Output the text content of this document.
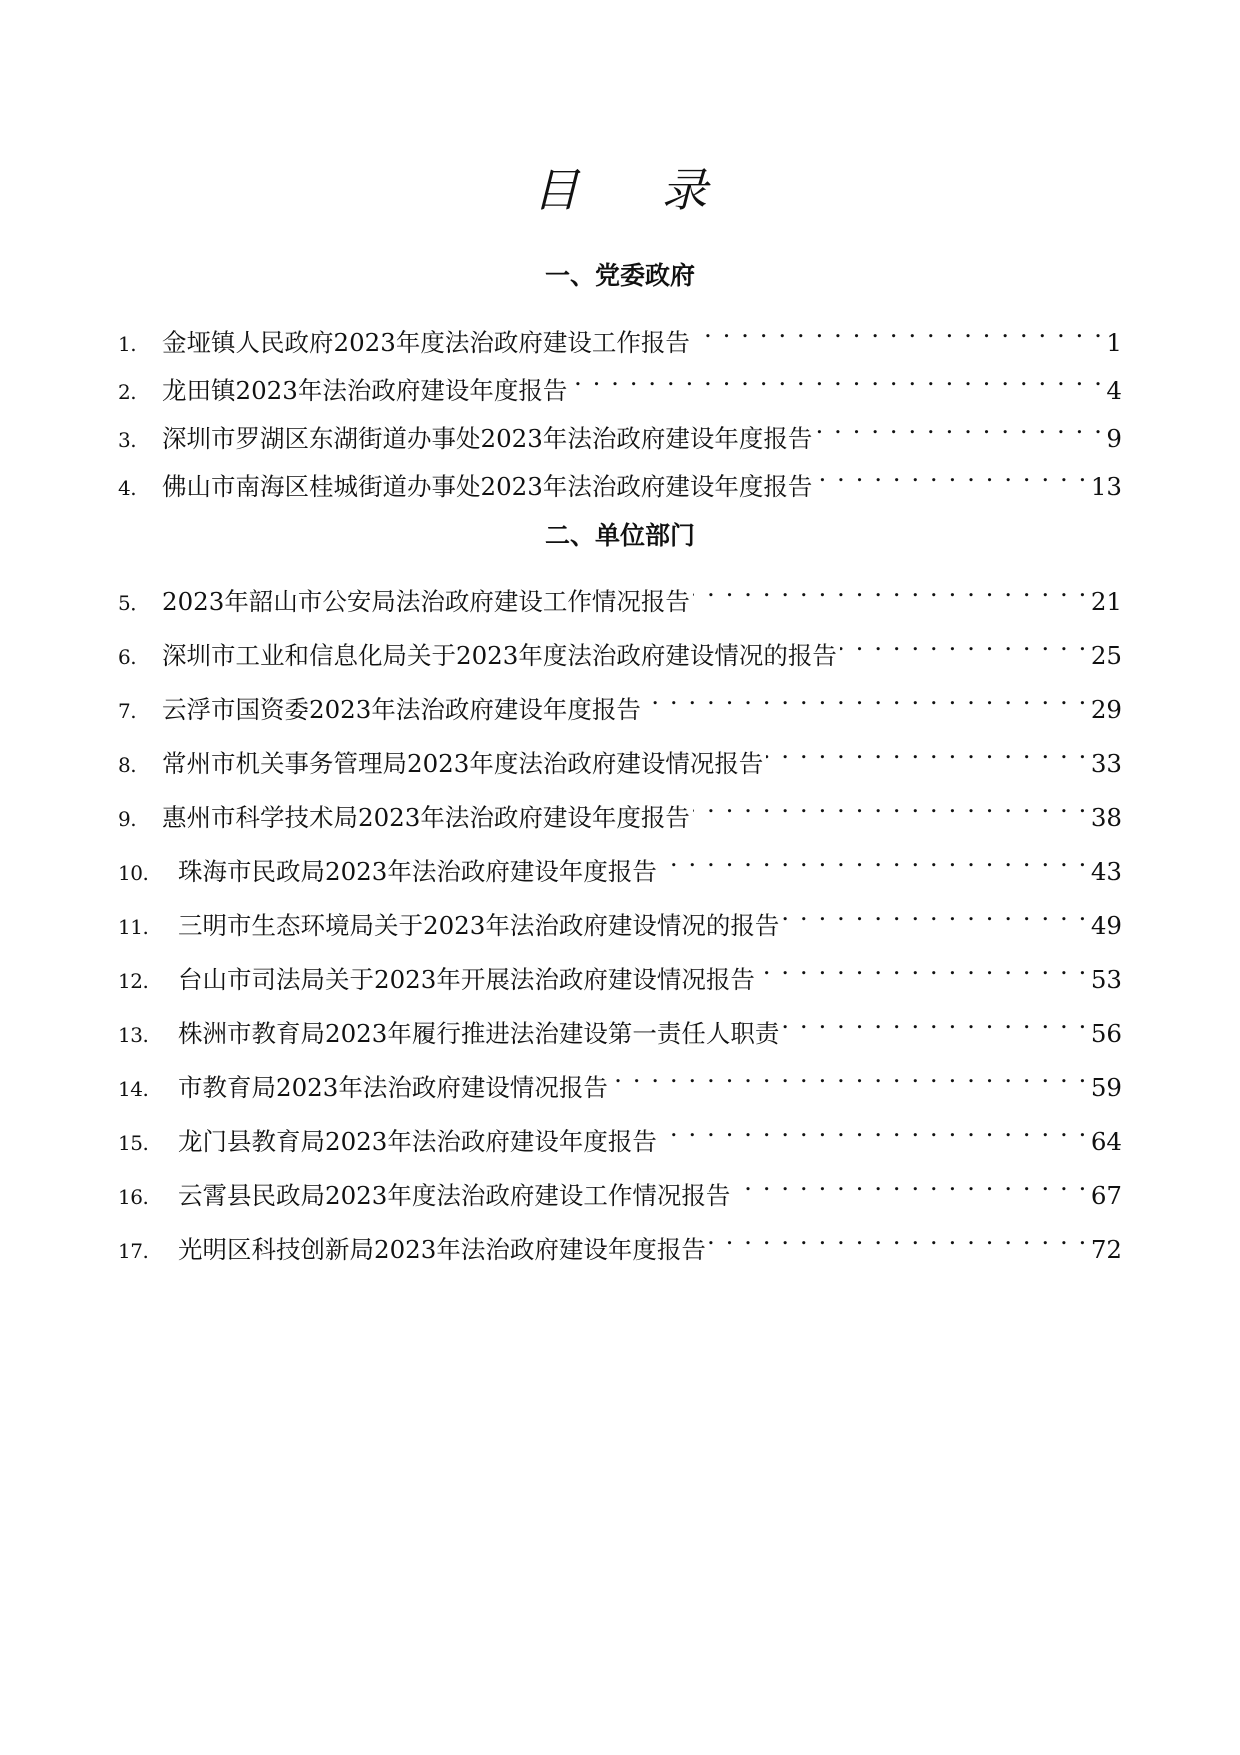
目 录
一、党委政府
1.	金垭镇人民政府2023年度法治政府建设工作报告 . . .	1
2.	龙田镇2023年法治政府建设年度报告 . . .	4
3.	深圳市罗湖区东湖街道办事处2023年法治政府建设年度报告 . . .	9
4.	佛山市南海区桂城街道办事处2023年法治政府建设年度报告 . . .	13
二、单位部门
5． 2023年韶山市公安局法治政府建设工作情况报告 . . .	21
6.	深圳市工业和信息化局关于2023年度法治政府建设情况的报告 . . .	25
7.	云浮市国资委2023年法治政府建设年度报告 . . .	29
8.	常州市机关事务管理局2023年度法治政府建设情况报告 . . .	33
9.	惠州市科学技术局2023年法治政府建设年度报告 . . .	38
10.	珠海市民政局2023年法治政府建设年度报告 . . .	43
11.	三明市生态环境局关于2023年法治政府建设情况的报告 . . .	49
12.	台山市司法局关于2023年开展法治政府建设情况报告 . . .	53
13.	株洲市教育局2023年履行推进法治建设第一责任人职责 . . .	56
14.	市教育局2023年法治政府建设情况报告 . . .	59
15.	龙门县教育局2023年法治政府建设年度报告 . . .	64
16.	云霄县民政局2023年度法治政府建设工作情况报告 . . .	67
17.	光明区科技创新局2023年法治政府建设年度报告 . . .	72
